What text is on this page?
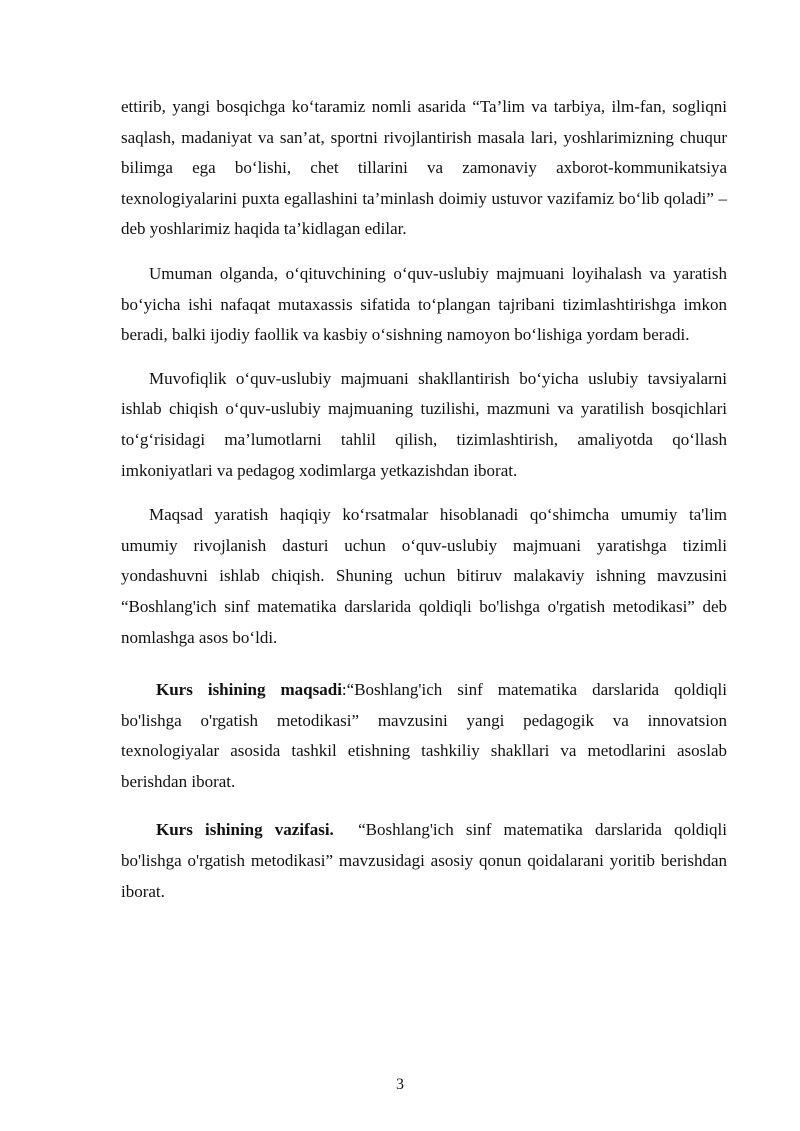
ettirib, yangi bosqichga koʻtaramiz nomli asarida “Ta’lim va tarbiya, ilm-fan, sogliqni saqlash, madaniyat va san’at, sportni rivojlantirish masala lari, yoshlarimizning chuqur bilimga ega boʻlishi, chet tillarini va zamonaviy axborot-kommunikatsiya texnologiyalarini puxta egallashini ta’minlash doimiy ustuvor vazifamiz boʻlib qoladi” –deb yoshlarimiz haqida ta’kidlagan edilar.

Umuman olganda, oʻqituvchining oʻquv-uslubiy majmuani loyihalash va yaratish boʻyicha ishi nafaqat mutaxassis sifatida toʻplangan tajribani tizimlashtirishga imkon beradi, balki ijodiy faollik va kasbiy oʻsishning namoyon boʻlishiga yordam beradi.

Muvofiqlik oʻquv-uslubiy majmuani shakllantirish boʻyicha uslubiy tavsiyalarni ishlab chiqish oʻquv-uslubiy majmuaning tuzilishi, mazmuni va yaratilish bosqichlari toʻgʻrisidagi ma’lumotlarni tahlil qilish, tizimlashtirish, amaliyotda qoʻllash imkoniyatlari va pedagog xodimlarga yetkazishdan iborat.

Maqsad yaratish haqiqiy koʻrsatmalar hisoblanadi qoʻshimcha umumiy ta'lim umumiy rivojlanish dasturi uchun oʻquv-uslubiy majmuani yaratishga tizimli yondashuvni ishlab chiqish. Shuning uchun bitiruv malakaviy ishning mavzusini “Boshlang'ich sinf matematika darslarida qoldiqli bo'lishga o'rgatish metodikasi” deb nomlashga asos boʻldi.

Kurs ishining maqsadi:“Boshlang'ich sinf matematika darslarida qoldiqli bo'lishga o'rgatish metodikasi” mavzusini yangi pedagogik va innovatsion texnologiyalar asosida tashkil etishning tashkiliy shakllari va metodlarini asoslab berishdan iborat.

Kurs ishining vazifasi.  “Boshlang'ich sinf matematika darslarida qoldiqli bo'lishga o'rgatish metodikasi” mavzusidagi asosiy qonun qoidalarani yoritib berishdan iborat.

3
